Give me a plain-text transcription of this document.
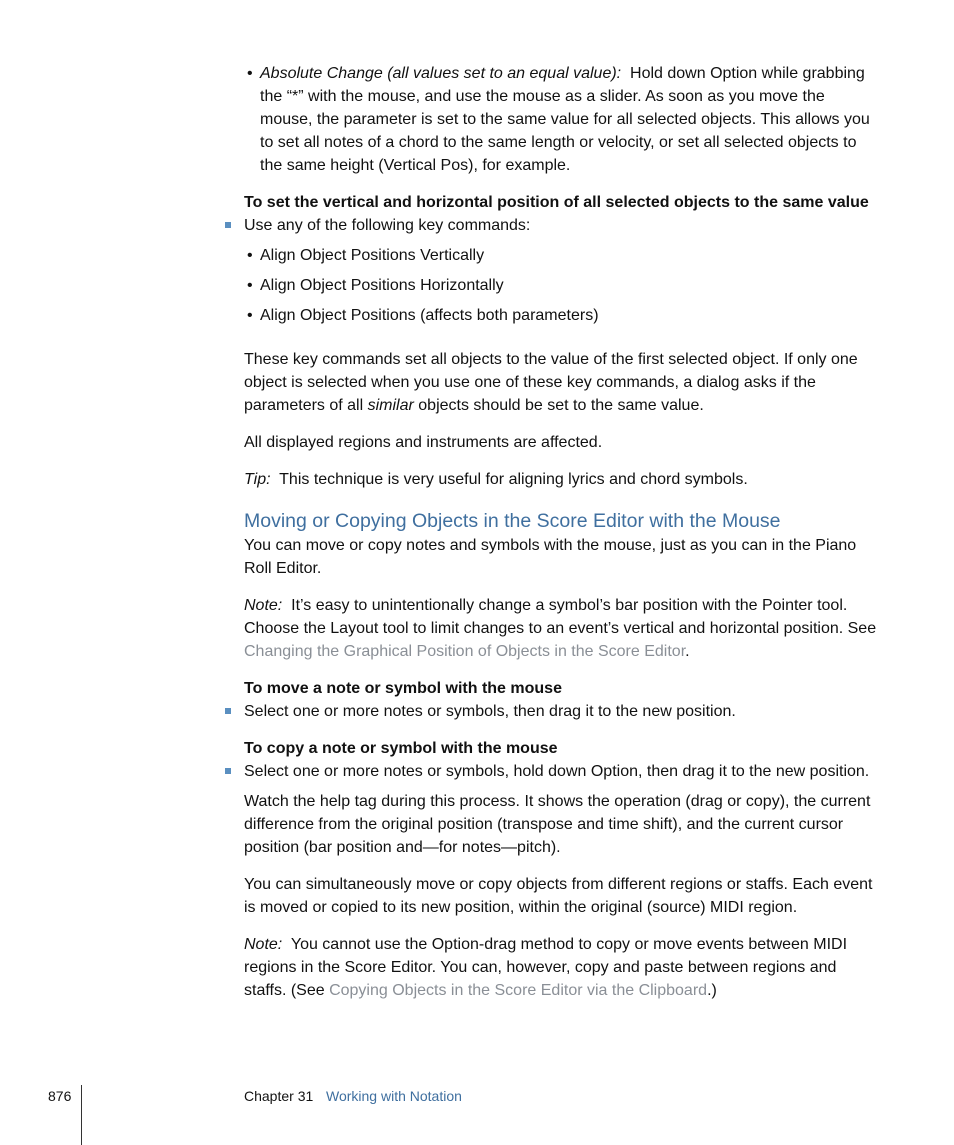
• Absolute Change (all values set to an equal value): Hold down Option while grabbing the “*” with the mouse, and use the mouse as a slider. As soon as you move the mouse, the parameter is set to the same value for all selected objects. This allows you to set all notes of a chord to the same length or velocity, or set all selected objects to the same height (Vertical Pos), for example.

To set the vertical and horizontal position of all selected objects to the same value

Use any of the following key commands:

• Align Object Positions Vertically

• Align Object Positions Horizontally

• Align Object Positions (affects both parameters)

These key commands set all objects to the value of the first selected object. If only one object is selected when you use one of these key commands, a dialog asks if the parameters of all similar objects should be set to the same value.

All displayed regions and instruments are affected.

Tip: This technique is very useful for aligning lyrics and chord symbols.

Moving or Copying Objects in the Score Editor with the Mouse

You can move or copy notes and symbols with the mouse, just as you can in the Piano Roll Editor.

Note: It’s easy to unintentionally change a symbol’s bar position with the Pointer tool. Choose the Layout tool to limit changes to an event’s vertical and horizontal position. See Changing the Graphical Position of Objects in the Score Editor.

To move a note or symbol with the mouse

Select one or more notes or symbols, then drag it to the new position.

To copy a note or symbol with the mouse

Select one or more notes or symbols, hold down Option, then drag it to the new position.

Watch the help tag during this process. It shows the operation (drag or copy), the current difference from the original position (transpose and time shift), and the current cursor position (bar position and—for notes—pitch).

You can simultaneously move or copy objects from different regions or staffs. Each event is moved or copied to its new position, within the original (source) MIDI region.

Note: You cannot use the Option-drag method to copy or move events between MIDI regions in the Score Editor. You can, however, copy and paste between regions and staffs. (See Copying Objects in the Score Editor via the Clipboard.)

876	Chapter 31 Working with Notation
